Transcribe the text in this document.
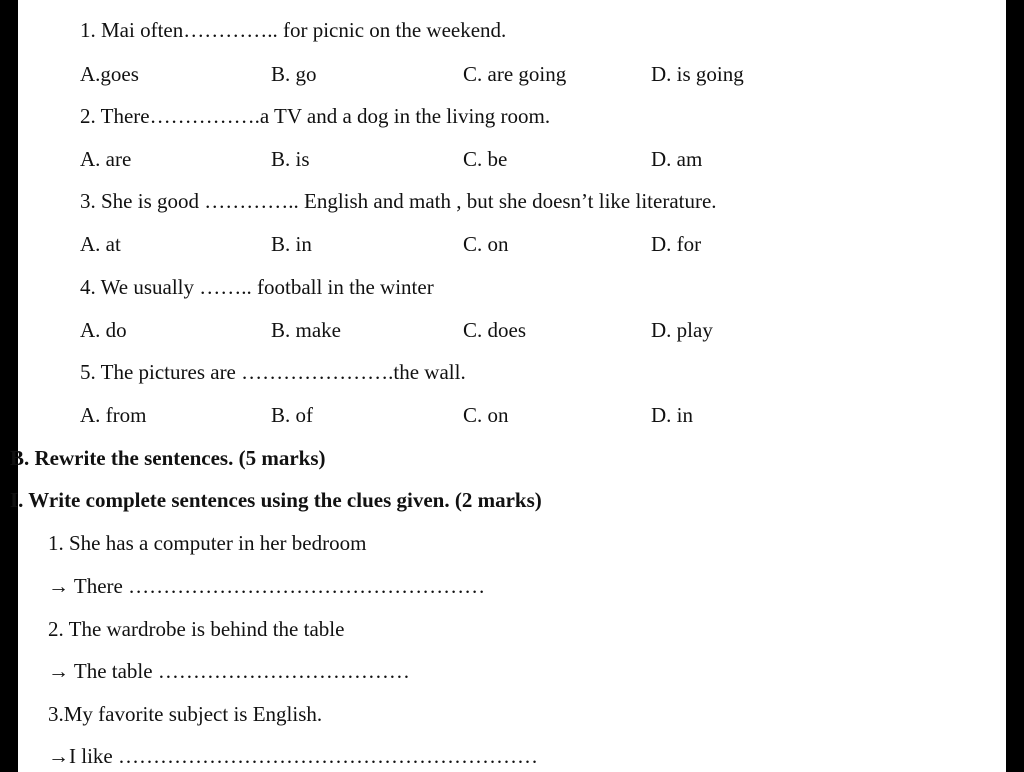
1. Mai often………….. for picnic on the weekend.
A.goes	B. go	C. are going	D. is going
2. There…………….a TV and a dog in the living room.
A. are	B. is	C. be	D. am
3. She is good ………….. English and math , but she doesn’t like literature.
A. at	B. in	C. on	D. for
4. We usually …….. football in the winter
A. do	B. make	C. does	D. play
5. The pictures are ………………….the wall.
A. from	B. of	C. on	D. in
B. Rewrite the sentences. (5 marks)
I. Write complete sentences using the clues given. (2 marks)
1. She has a computer in her bedroom
→ There ……………………………………………
2. The wardrobe is behind the table
→ The table ………………………………
3.My favorite subject is English.
→I like ……………………………………………………
